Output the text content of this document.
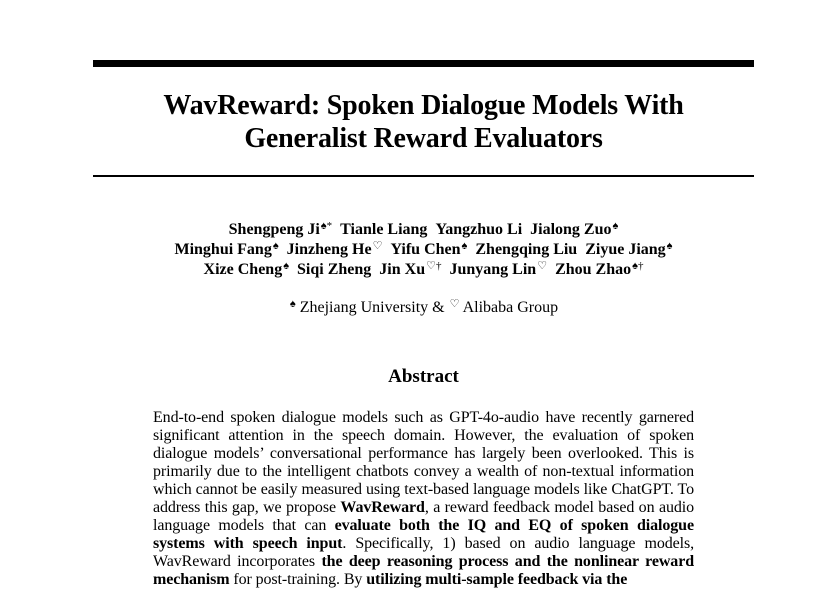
WavReward: Spoken Dialogue Models With
Generalist Reward Evaluators
Shengpeng Ji♠* Tianle Liang Yangzhuo Li Jialong Zuo♠
Minghui Fang♠ Jinzheng He♡ Yifu Chen♠ Zhengqing Liu Ziyue Jiang♠
Xize Cheng♠ Siqi Zheng Jin Xu♡† Junyang Lin♡ Zhou Zhao♠†
♠ Zhejiang University & ♡ Alibaba Group
Abstract
End-to-end spoken dialogue models such as GPT-4o-audio have recently garnered significant attention in the speech domain. However, the evaluation of spoken dialogue models’ conversational performance has largely been overlooked. This is primarily due to the intelligent chatbots convey a wealth of non-textual information which cannot be easily measured using text-based language models like ChatGPT. To address this gap, we propose WavReward, a reward feedback model based on audio language models that can evaluate both the IQ and EQ of spoken dialogue systems with speech input. Specifically, 1) based on audio language models, WavReward incorporates the deep reasoning process and the nonlinear reward mechanism for post-training. By utilizing multi-sample feedback via the
